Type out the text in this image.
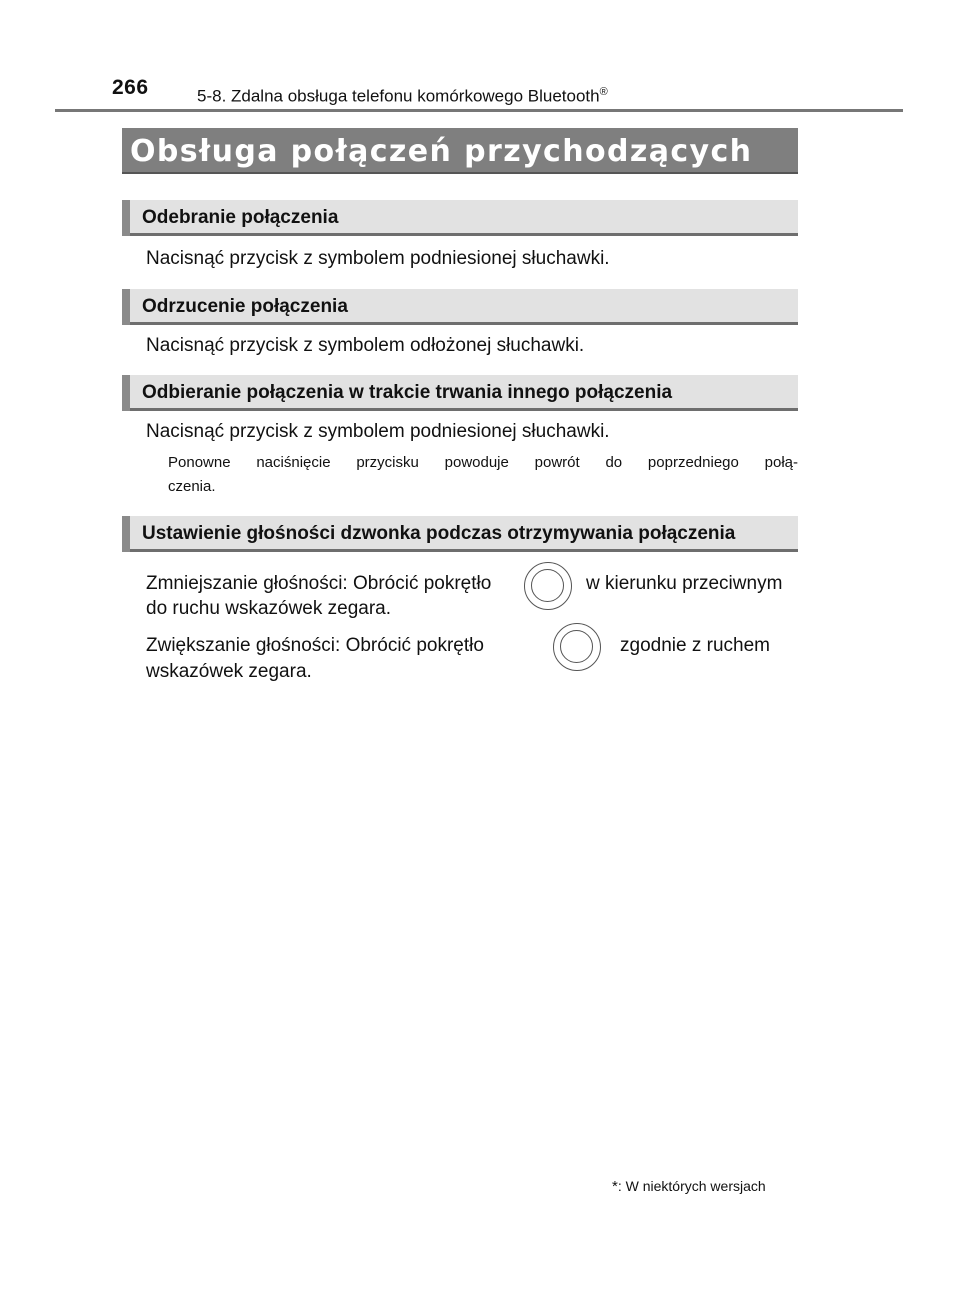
266	5-8. Zdalna obsługa telefonu komórkowego Bluetooth®
Obsługa połączeń przychodzących	*
Odebranie połączenia
Nacisnąć przycisk z symbolem podniesionej słuchawki.
Odrzucenie połączenia
Nacisnąć przycisk z symbolem odłożonej słuchawki.
Odbieranie połączenia w trakcie trwania innego połączenia
Nacisnąć przycisk z symbolem podniesionej słuchawki.
Ponowne naciśnięcie przycisku powoduje powrót do poprzedniego połą-
czenia.
Ustawienie głośności dzwonka podczas otrzymywania połączenia
Zmniejszanie głośności: Obrócić pokrętło	w kierunku przeciwnym
do ruchu wskazówek zegara.
Zwiększanie głośności: Obrócić pokrętło	zgodnie z ruchem
wskazówek zegara.
*: W niektórych wersjach
